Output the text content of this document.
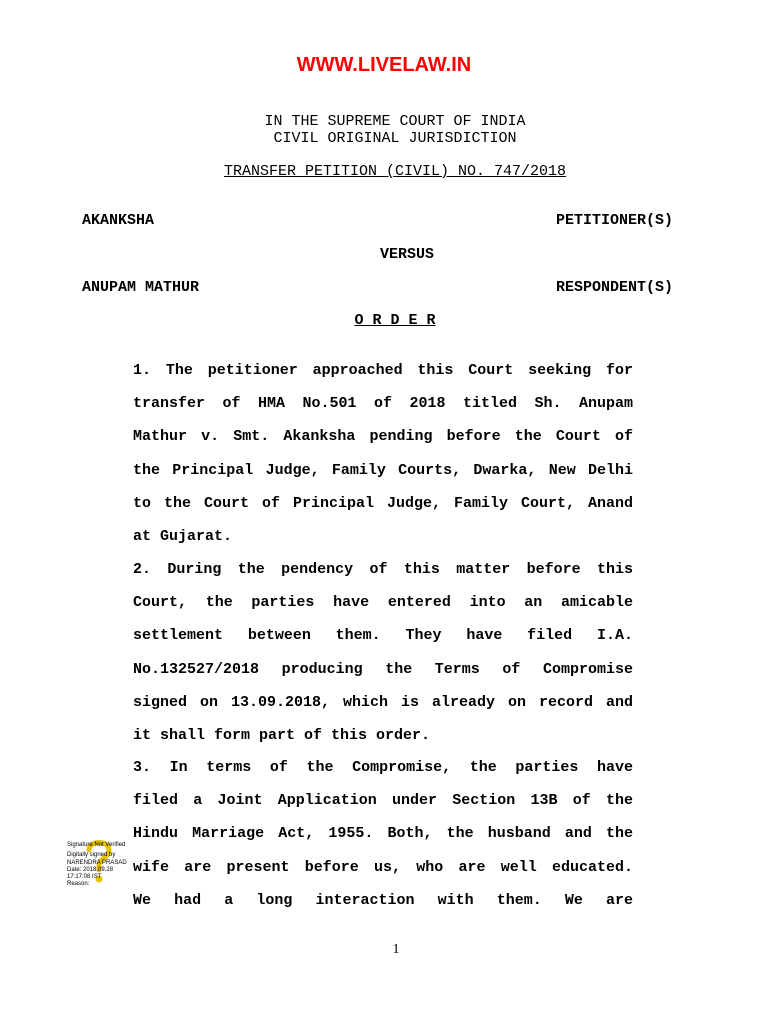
WWW.LIVELAW.IN
IN THE SUPREME COURT OF INDIA
CIVIL ORIGINAL JURISDICTION
TRANSFER PETITION (CIVIL) NO. 747/2018
AKANKSHA	PETITIONER(S)
VERSUS
ANUPAM MATHUR	RESPONDENT(S)
O R D E R
1. The petitioner approached this Court seeking for
transfer of HMA No.501 of 2018 titled Sh. Anupam
Mathur v. Smt. Akanksha pending before the Court of
the Principal Judge, Family Courts, Dwarka, New Delhi
to the Court of Principal Judge, Family Court, Anand
at Gujarat.
2. During the pendency of this matter before this
Court, the parties have entered into an amicable
settlement between them. They have filed I.A.
No.132527/2018 producing the Terms of Compromise
signed on 13.09.2018, which is already on record and
it shall form part of this order.
3. In terms of the Compromise, the parties have
filed a Joint Application under Section 13B of the
Hindu Marriage Act, 1955. Both, the husband and the
wife are present before us, who are well educated.
We had a long interaction with them. We are
Signature Not Verified
Digitally signed by
NARENDRA PRASAD
Date: 2018.09.28
17:17:08 IST
Reason:
1
